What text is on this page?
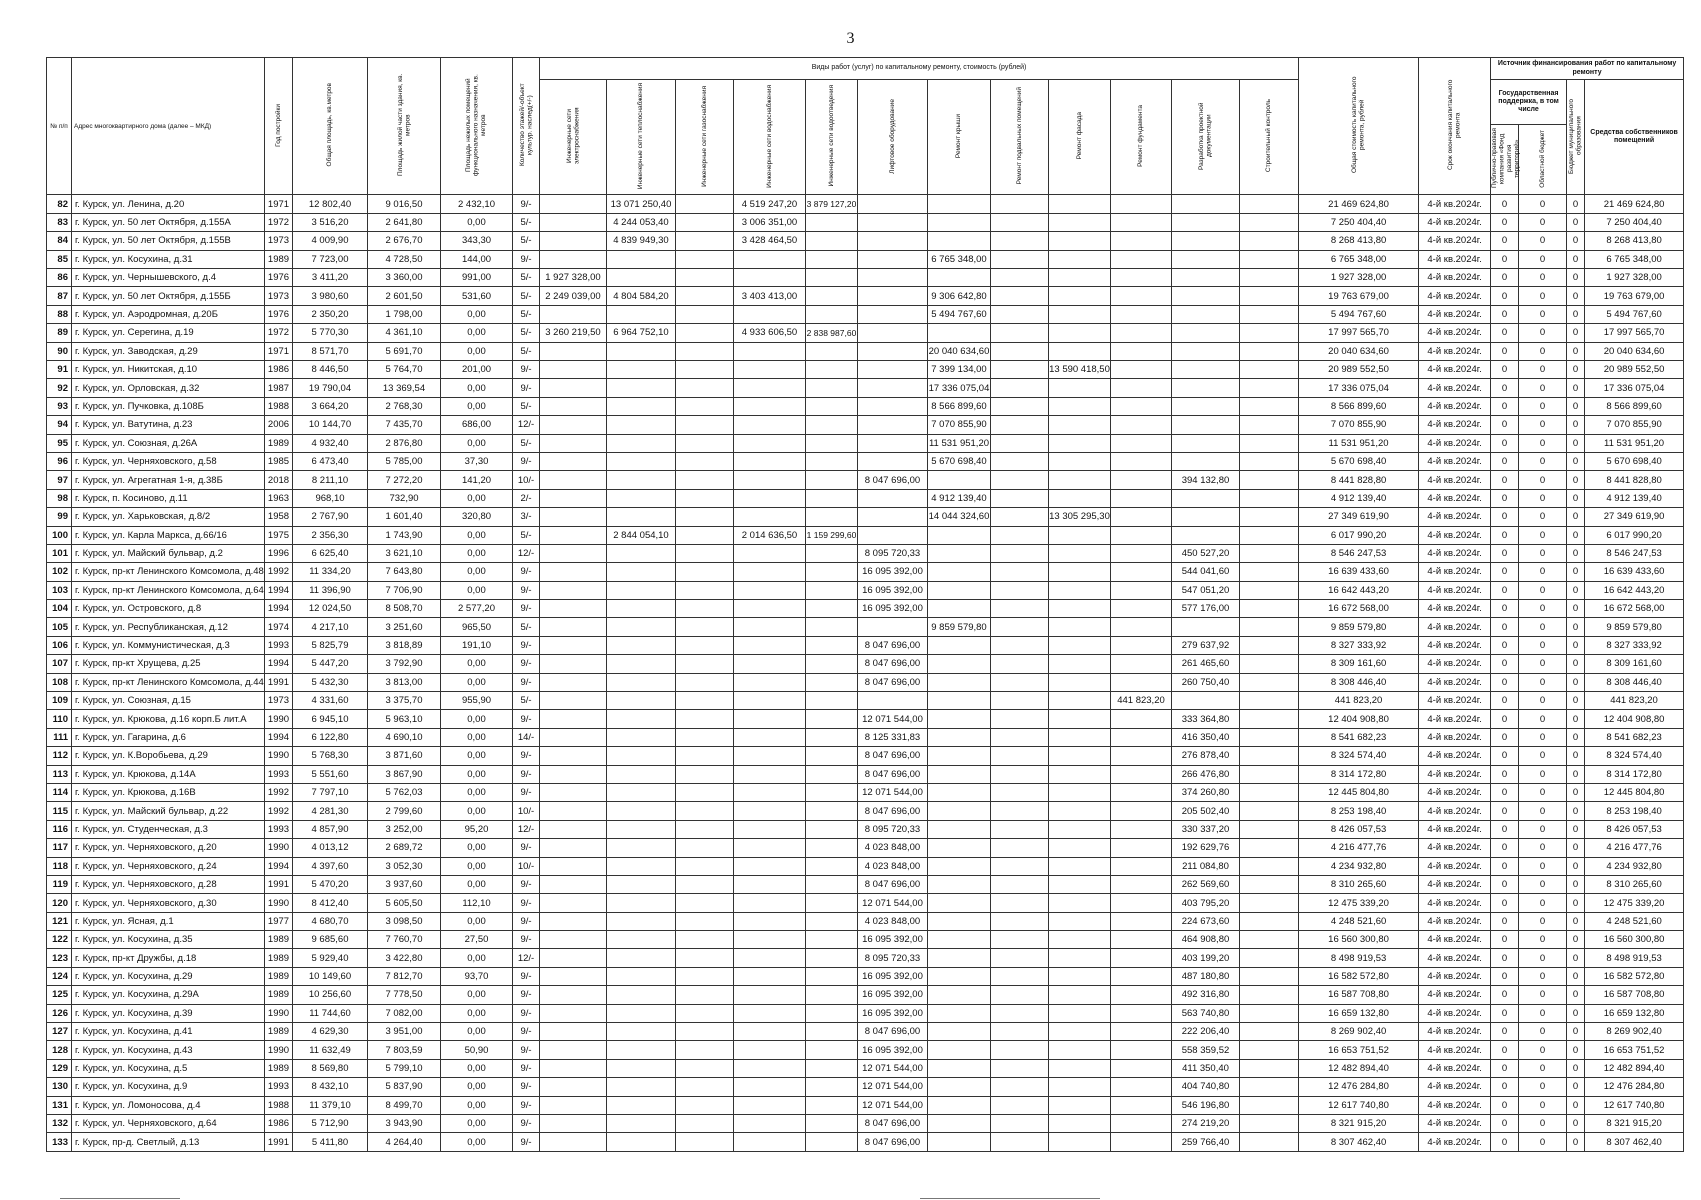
3
№ п/п	Адрес многоквартирного дома (далее – МКД)	Год постройки	Общая площадь, кв.метров	Площадь жилой части здания, кв. метров	Площадь нежилых помещений функционального назначения, кв. метров	Количество этажей/-объект культур. наслед(+/-)	Виды работ (услуг) по капитальному ремонту, стоимость (рублей)												Общая стоимость капитального ремонта, рублей	Срок окончания капитального ремонта	Источник финансирования работ по капитальному ремонту			
							Инженерные сети электроснабжения	Инженерные сети теплоснабжения	Инженерные сети газоснабжения	Инженерные сети водоснабжения	Инженерные сети водоотведения	Лифтовое оборудование	Ремонт крыши	Ремонт подвальных помещений	Ремонт фасада	Ремонт фундамента	Разработка проектной документации	Строительный контроль			Государственная поддержка, в том числе		Бюджет муниципального образования	Средства собственников помещений
																					Публично-правовая компания «Фонд развития территорий»	Областной бюджет		
82	г. Курск, ул. Ленина, д.20	1971	12 802,40	9 016,50	2 432,10	9/-		13 071 250,40		4 519 247,20	3 879 127,20								21 469 624,80	4-й кв.2024г.	0	0	0	21 469 624,80
83	г. Курск, ул. 50 лет Октября, д.155А	1972	3 516,20	2 641,80	0,00	5/-		4 244 053,40		3 006 351,00									7 250 404,40	4-й кв.2024г.	0	0	0	7 250 404,40
84	г. Курск, ул. 50 лет Октября, д.155В	1973	4 009,90	2 676,70	343,30	5/-		4 839 949,30		3 428 464,50									8 268 413,80	4-й кв.2024г.	0	0	0	8 268 413,80
85	г. Курск, ул. Косухина, д.31	1989	7 723,00	4 728,50	144,00	9/-							6 765 348,00						6 765 348,00	4-й кв.2024г.	0	0	0	6 765 348,00
86	г. Курск, ул. Чернышевского, д.4	1976	3 411,20	3 360,00	991,00	5/-	1 927 328,00												1 927 328,00	4-й кв.2024г.	0	0	0	1 927 328,00
87	г. Курск, ул. 50 лет Октября, д.155Б	1973	3 980,60	2 601,50	531,60	5/-	2 249 039,00	4 804 584,20		3 403 413,00			9 306 642,80						19 763 679,00	4-й кв.2024г.	0	0	0	19 763 679,00
88	г. Курск, ул. Аэродромная, д.20Б	1976	2 350,20	1 798,00	0,00	5/-							5 494 767,60						5 494 767,60	4-й кв.2024г.	0	0	0	5 494 767,60
89	г. Курск, ул. Серегина, д.19	1972	5 770,30	4 361,10	0,00	5/-	3 260 219,50	6 964 752,10		4 933 606,50	2 838 987,60								17 997 565,70	4-й кв.2024г.	0	0	0	17 997 565,70
90	г. Курск, ул. Заводская, д.29	1971	8 571,70	5 691,70	0,00	5/-							20 040 634,60						20 040 634,60	4-й кв.2024г.	0	0	0	20 040 634,60
91	г. Курск, ул. Никитская, д.10	1986	8 446,50	5 764,70	201,00	9/-							7 399 134,00		13 590 418,50				20 989 552,50	4-й кв.2024г.	0	0	0	20 989 552,50
92	г. Курск, ул. Орловская, д.32	1987	19 790,04	13 369,54	0,00	9/-							17 336 075,04						17 336 075,04	4-й кв.2024г.	0	0	0	17 336 075,04
93	г. Курск, ул. Пучковка, д.108Б	1988	3 664,20	2 768,30	0,00	5/-							8 566 899,60						8 566 899,60	4-й кв.2024г.	0	0	0	8 566 899,60
94	г. Курск, ул. Ватутина, д.23	2006	10 144,70	7 435,70	686,00	12/-							7 070 855,90						7 070 855,90	4-й кв.2024г.	0	0	0	7 070 855,90
95	г. Курск, ул. Союзная, д.26А	1989	4 932,40	2 876,80	0,00	5/-							11 531 951,20						11 531 951,20	4-й кв.2024г.	0	0	0	11 531 951,20
96	г. Курск, ул. Черняховского, д.58	1985	6 473,40	5 785,00	37,30	9/-							5 670 698,40						5 670 698,40	4-й кв.2024г.	0	0	0	5 670 698,40
97	г. Курск, ул. Агрегатная 1-я, д.38Б	2018	8 211,10	7 272,20	141,20	10/-						8 047 696,00					394 132,80		8 441 828,80	4-й кв.2024г.	0	0	0	8 441 828,80
98	г. Курск, п. Косиново, д.11	1963	968,10	732,90	0,00	2/-							4 912 139,40						4 912 139,40	4-й кв.2024г.	0	0	0	4 912 139,40
99	г. Курск, ул. Харьковская, д.8/2	1958	2 767,90	1 601,40	320,80	3/-							14 044 324,60		13 305 295,30				27 349 619,90	4-й кв.2024г.	0	0	0	27 349 619,90
100	г. Курск, ул. Карла Маркса, д.66/16	1975	2 356,30	1 743,90	0,00	5/-		2 844 054,10		2 014 636,50	1 159 299,60								6 017 990,20	4-й кв.2024г.	0	0	0	6 017 990,20
101	г. Курск, ул. Майский бульвар, д.2	1996	6 625,40	3 621,10	0,00	12/-						8 095 720,33					450 527,20		8 546 247,53	4-й кв.2024г.	0	0	0	8 546 247,53
102	г. Курск, пр-кт Ленинского Комсомола, д.48	1992	11 334,20	7 643,80	0,00	9/-						16 095 392,00					544 041,60		16 639 433,60	4-й кв.2024г.	0	0	0	16 639 433,60
103	г. Курск, пр-кт Ленинского Комсомола, д.64	1994	11 396,90	7 706,90	0,00	9/-						16 095 392,00					547 051,20		16 642 443,20	4-й кв.2024г.	0	0	0	16 642 443,20
104	г. Курск, ул. Островского, д.8	1994	12 024,50	8 508,70	2 577,20	9/-						16 095 392,00					577 176,00		16 672 568,00	4-й кв.2024г.	0	0	0	16 672 568,00
105	г. Курск, ул. Республиканская, д.12	1974	4 217,10	3 251,60	965,50	5/-							9 859 579,80						9 859 579,80	4-й кв.2024г.	0	0	0	9 859 579,80
106	г. Курск, ул. Коммунистическая, д.3	1993	5 825,79	3 818,89	191,10	9/-						8 047 696,00					279 637,92		8 327 333,92	4-й кв.2024г.	0	0	0	8 327 333,92
107	г. Курск, пр-кт Хрущева, д.25	1994	5 447,20	3 792,90	0,00	9/-						8 047 696,00					261 465,60		8 309 161,60	4-й кв.2024г.	0	0	0	8 309 161,60
108	г. Курск, пр-кт Ленинского Комсомола, д.44	1991	5 432,30	3 813,00	0,00	9/-						8 047 696,00					260 750,40		8 308 446,40	4-й кв.2024г.	0	0	0	8 308 446,40
109	г. Курск, ул. Союзная, д.15	1973	4 331,60	3 375,70	955,90	5/-										441 823,20			441 823,20	4-й кв.2024г.	0	0	0	441 823,20
110	г. Курск, ул. Крюкова, д.16 корп.Б лит.А	1990	6 945,10	5 963,10	0,00	9/-						12 071 544,00					333 364,80		12 404 908,80	4-й кв.2024г.	0	0	0	12 404 908,80
111	г. Курск, ул. Гагарина, д.6	1994	6 122,80	4 690,10	0,00	14/-						8 125 331,83					416 350,40		8 541 682,23	4-й кв.2024г.	0	0	0	8 541 682,23
112	г. Курск, ул. К.Воробьева, д.29	1990	5 768,30	3 871,60	0,00	9/-						8 047 696,00					276 878,40		8 324 574,40	4-й кв.2024г.	0	0	0	8 324 574,40
113	г. Курск, ул. Крюкова, д.14А	1993	5 551,60	3 867,90	0,00	9/-						8 047 696,00					266 476,80		8 314 172,80	4-й кв.2024г.	0	0	0	8 314 172,80
114	г. Курск, ул. Крюкова, д.16В	1992	7 797,10	5 762,03	0,00	9/-						12 071 544,00					374 260,80		12 445 804,80	4-й кв.2024г.	0	0	0	12 445 804,80
115	г. Курск, ул. Майский бульвар, д.22	1992	4 281,30	2 799,60	0,00	10/-						8 047 696,00					205 502,40		8 253 198,40	4-й кв.2024г.	0	0	0	8 253 198,40
116	г. Курск, ул. Студенческая, д.3	1993	4 857,90	3 252,00	95,20	12/-						8 095 720,33					330 337,20		8 426 057,53	4-й кв.2024г.	0	0	0	8 426 057,53
117	г. Курск, ул. Черняховского, д.20	1990	4 013,12	2 689,72	0,00	9/-						4 023 848,00					192 629,76		4 216 477,76	4-й кв.2024г.	0	0	0	4 216 477,76
118	г. Курск, ул. Черняховского, д.24	1994	4 397,60	3 052,30	0,00	10/-						4 023 848,00					211 084,80		4 234 932,80	4-й кв.2024г.	0	0	0	4 234 932,80
119	г. Курск, ул. Черняховского, д.28	1991	5 470,20	3 937,60	0,00	9/-						8 047 696,00					262 569,60		8 310 265,60	4-й кв.2024г.	0	0	0	8 310 265,60
120	г. Курск, ул. Черняховского, д.30	1990	8 412,40	5 605,50	112,10	9/-						12 071 544,00					403 795,20		12 475 339,20	4-й кв.2024г.	0	0	0	12 475 339,20
121	г. Курск, ул. Ясная, д.1	1977	4 680,70	3 098,50	0,00	9/-						4 023 848,00					224 673,60		4 248 521,60	4-й кв.2024г.	0	0	0	4 248 521,60
122	г. Курск, ул. Косухина, д.35	1989	9 685,60	7 760,70	27,50	9/-						16 095 392,00					464 908,80		16 560 300,80	4-й кв.2024г.	0	0	0	16 560 300,80
123	г. Курск, пр-кт Дружбы, д.18	1989	5 929,40	3 422,80	0,00	12/-						8 095 720,33					403 199,20		8 498 919,53	4-й кв.2024г.	0	0	0	8 498 919,53
124	г. Курск, ул. Косухина, д.29	1989	10 149,60	7 812,70	93,70	9/-						16 095 392,00					487 180,80		16 582 572,80	4-й кв.2024г.	0	0	0	16 582 572,80
125	г. Курск, ул. Косухина, д.29А	1989	10 256,60	7 778,50	0,00	9/-						16 095 392,00					492 316,80		16 587 708,80	4-й кв.2024г.	0	0	0	16 587 708,80
126	г. Курск, ул. Косухина, д.39	1990	11 744,60	7 082,00	0,00	9/-						16 095 392,00					563 740,80		16 659 132,80	4-й кв.2024г.	0	0	0	16 659 132,80
127	г. Курск, ул. Косухина, д.41	1989	4 629,30	3 951,00	0,00	9/-						8 047 696,00					222 206,40		8 269 902,40	4-й кв.2024г.	0	0	0	8 269 902,40
128	г. Курск, ул. Косухина, д.43	1990	11 632,49	7 803,59	50,90	9/-						16 095 392,00					558 359,52		16 653 751,52	4-й кв.2024г.	0	0	0	16 653 751,52
129	г. Курск, ул. Косухина, д.5	1989	8 569,80	5 799,10	0,00	9/-						12 071 544,00					411 350,40		12 482 894,40	4-й кв.2024г.	0	0	0	12 482 894,40
130	г. Курск, ул. Косухина, д.9	1993	8 432,10	5 837,90	0,00	9/-						12 071 544,00					404 740,80		12 476 284,80	4-й кв.2024г.	0	0	0	12 476 284,80
131	г. Курск, ул. Ломоносова, д.4	1988	11 379,10	8 499,70	0,00	9/-						12 071 544,00					546 196,80		12 617 740,80	4-й кв.2024г.	0	0	0	12 617 740,80
132	г. Курск, ул. Черняховского, д.64	1986	5 712,90	3 943,90	0,00	9/-						8 047 696,00					274 219,20		8 321 915,20	4-й кв.2024г.	0	0	0	8 321 915,20
133	г. Курск, пр-д. Светлый, д.13	1991	5 411,80	4 264,40	0,00	9/-						8 047 696,00					259 766,40		8 307 462,40	4-й кв.2024г.	0	0	0	8 307 462,40
